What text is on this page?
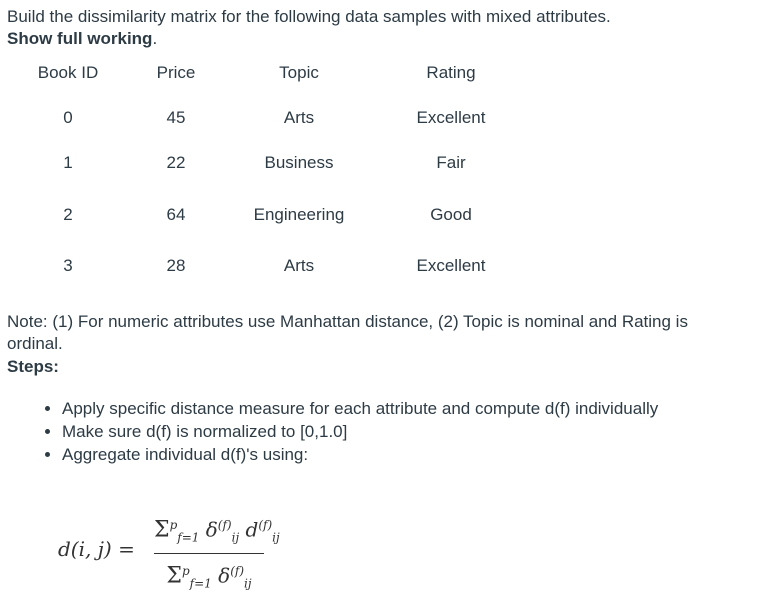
Build the dissimilarity matrix for the following data samples with mixed attributes.
Show full working.
Book ID	Price	Topic	Rating
0	45	Arts	Excellent
1	22	Business	Fair
2	64	Engineering	Good
3	28	Arts	Excellent
Note: (1) For numeric attributes use Manhattan distance, (2) Topic is nominal and Rating is ordinal.
Steps:
• Apply specific distance measure for each attribute and compute d(f) individually
• Make sure d(f) is normalized to [0,1.0]
• Aggregate individual d(f)'s using:
d(i, j) =
$\Sigma^p_{f=1}$ $\delta^{(f)}_{ij}$ $d^{(f)}_{ij}$
$\Sigma^p_{f=1}$ $\delta^{(f)}_{ij}$
